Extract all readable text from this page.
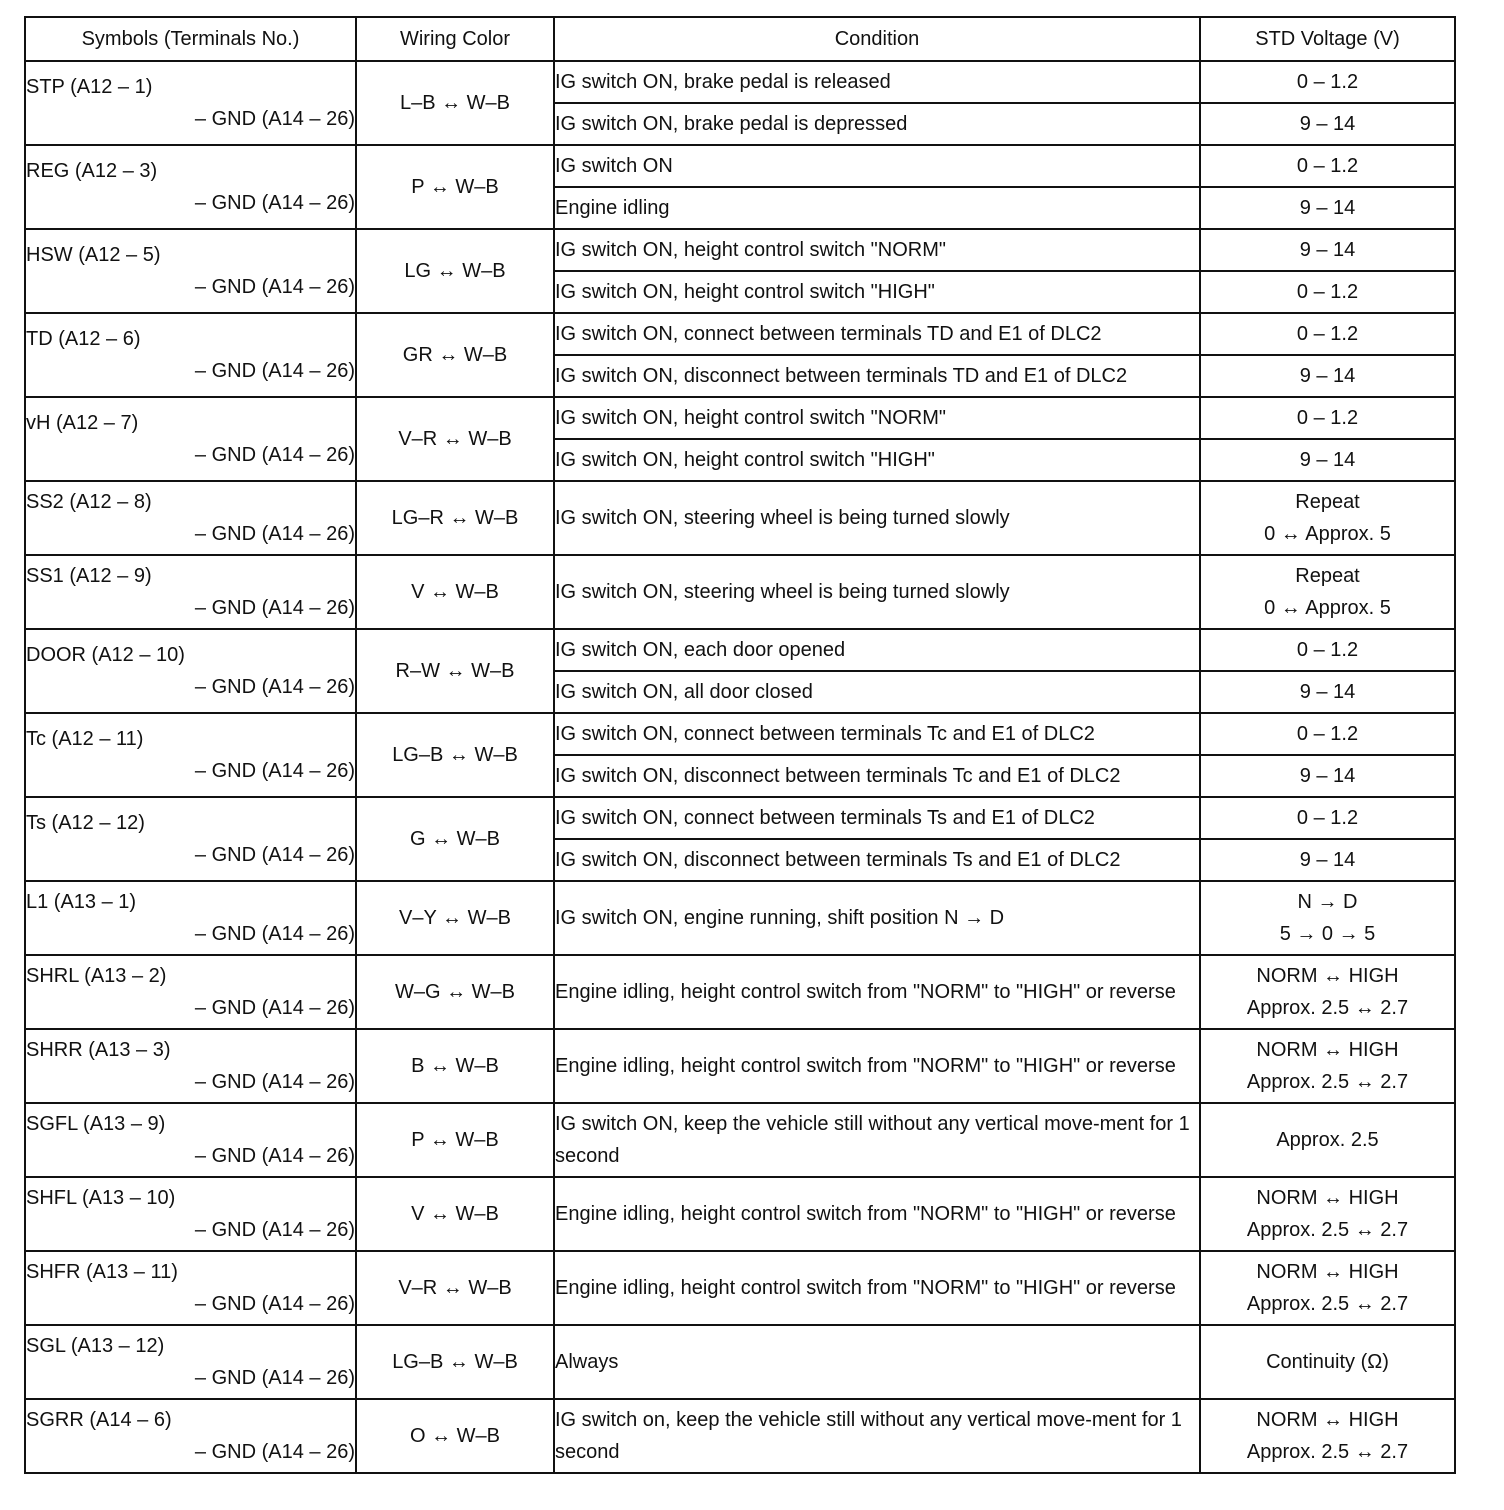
Symbols (Terminals No.)	Wiring Color	Condition	STD Voltage (V)

STP (A12 – 1)
– GND (A14 – 26)	L–B ↔ W–B	IG switch ON, brake pedal is released	0 – 1.2
		IG switch ON, brake pedal is depressed	9 – 14

REG (A12 – 3)
– GND (A14 – 26)	P ↔ W–B	IG switch ON	0 – 1.2
		Engine idling	9 – 14

HSW (A12 – 5)
– GND (A14 – 26)	LG ↔ W–B	IG switch ON, height control switch "NORM"	9 – 14
		IG switch ON, height control switch "HIGH"	0 – 1.2

TD (A12 – 6)
– GND (A14 – 26)	GR ↔ W–B	IG switch ON, connect between terminals TD and E1 of DLC2	0 – 1.2
		IG switch ON, disconnect between terminals TD and E1 of DLC2	9 – 14

vH (A12 – 7)
– GND (A14 – 26)	V–R ↔ W–B	IG switch ON, height control switch "NORM"	0 – 1.2
		IG switch ON, height control switch "HIGH"	9 – 14

SS2 (A12 – 8)
– GND (A14 – 26)	LG–R ↔ W–B	IG switch ON, steering wheel is being turned slowly	Repeat
0 ↔ Approx. 5

SS1 (A12 – 9)
– GND (A14 – 26)	V ↔ W–B	IG switch ON, steering wheel is being turned slowly	Repeat
0 ↔ Approx. 5

DOOR (A12 – 10)
– GND (A14 – 26)	R–W ↔ W–B	IG switch ON, each door opened	0 – 1.2
		IG switch ON, all door closed	9 – 14

Tc (A12 – 11)
– GND (A14 – 26)	LG–B ↔ W–B	IG switch ON, connect between terminals Tc and E1 of DLC2	0 – 1.2
		IG switch ON, disconnect between terminals Tc and E1 of DLC2	9 – 14

Ts (A12 – 12)
– GND (A14 – 26)	G ↔ W–B	IG switch ON, connect between terminals Ts and E1 of DLC2	0 – 1.2
		IG switch ON, disconnect between terminals Ts and E1 of DLC2	9 – 14

L1 (A13 – 1)
– GND (A14 – 26)	V–Y ↔ W–B	IG switch ON, engine running, shift position N → D	N → D
5 → 0 → 5

SHRL (A13 – 2)
– GND (A14 – 26)	W–G ↔ W–B	Engine idling, height control switch from "NORM" to "HIGH" or reverse	NORM ↔ HIGH
Approx. 2.5 ↔ 2.7

SHRR (A13 – 3)
– GND (A14 – 26)	B ↔ W–B	Engine idling, height control switch from "NORM" to "HIGH" or reverse	NORM ↔ HIGH
Approx. 2.5 ↔ 2.7

SGFL (A13 – 9)
– GND (A14 – 26)	P ↔ W–B	IG switch ON, keep the vehicle still without any vertical move-ment for 1 second	Approx. 2.5

SHFL (A13 – 10)
– GND (A14 – 26)	V ↔ W–B	Engine idling, height control switch from "NORM" to "HIGH" or reverse	NORM ↔ HIGH
Approx. 2.5 ↔ 2.7

SHFR (A13 – 11)
– GND (A14 – 26)	V–R ↔ W–B	Engine idling, height control switch from "NORM" to "HIGH" or reverse	NORM ↔ HIGH
Approx. 2.5 ↔ 2.7

SGL (A13 – 12)
– GND (A14 – 26)	LG–B ↔ W–B	Always	Continuity (Ω)

SGRR (A14 – 6)
– GND (A14 – 26)	O ↔ W–B	IG switch on, keep the vehicle still without any vertical move-ment for 1 second	NORM ↔ HIGH
Approx. 2.5 ↔ 2.7
